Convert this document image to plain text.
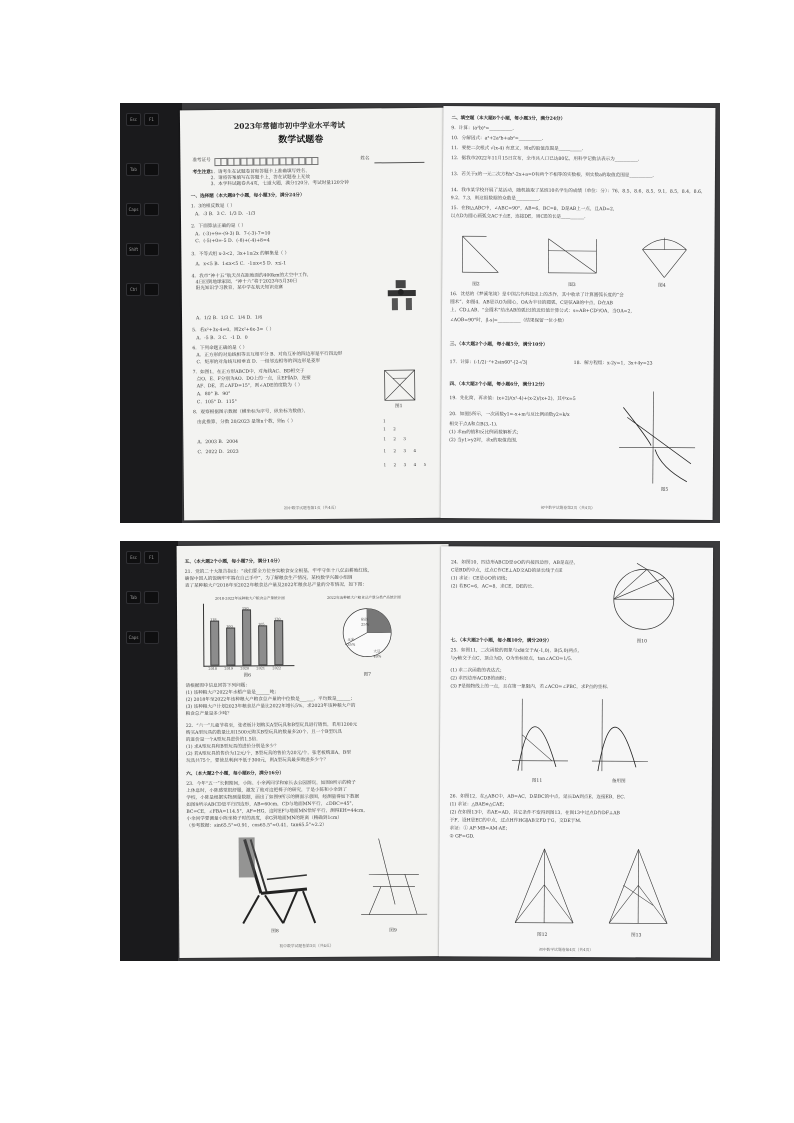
Esc	F1
Tab
Caps
Shift
Ctrl
2023年常德市初中学业水平考试
数学试题卷
准考证号	姓名
考生注意：
1．请考生在试题卷首和答题卡上准确填写姓名、
2．请将答案填写在答题卡上，答在试题卷上无效
3．本学科试题卷共4页，七道大题，满分120分，考试时量120分钟
一、选择题（本大题8个小题，每小题3分，满分24分）
1．3的相反数是（ ）
A．-3 B．3 C．1/3 D．-1/3
2．下面算法正确的是（ ）
A．(-3)+9=-(9-3) B．7-(-3)-7=10
C．(-5)+0=-5 D．(-8)+(-4)+8=4
3．不等式组 x-3<2，3x+1≥2x 的解集是（ ）
A．x<5 B．1≤x<5 C．-1≤x<5 D．x≤-1
4．我市“神十五”航天员在距地面约400km的太空中工作，
4日回到地球家园，“神十六”将于2023年5月30日
阳光知识学习教育，某中学在航天知识竞赛
A．1/2 B．1/3 C．1/4 D．1/6
5．若x²+3x-4=0，则2x²+6x-3=（ ）
A．-5 B．3 C．-1 D．0
6．下列命题正确的是（ ）
A．正方形的对角线相等且互相平分 B．对角互补的四边形是平行四边形
C．矩形的对角线互相垂直 D．一组邻边相等的四边形是菱形
7．如图1，在正方形ABCD中，对角线AC、BD相交于
点O，E、F分别为AO、DO上的一点，且EF∥AD，连接
AF、DE，若∠AFD=15°，则∠ADE的度数为（ ）
A．80° B．90°
C．105° D．115°
8．观察根据图示数据（横坐标为序号，纵坐标为数值），
由此推算，分数 20/2023 是第n个数，则n（ ）
A．2003 B．2004
C．2022 D．2023
图1
1
1 2
1 2 3
1 2 3 4
1 2 3 4 5
初中数学试题卷第1页（共4页）
二、填空题（本大题8个小题，每小题3分，满分24分）
9．计算：(a²b)³=__________.
10．分解因式：a³+2a²b+ab²=__________.
11．要使二次根式 √(x-4) 有意义，则x的取值范围是__________.
12．据我市2022年11月15日宣布，全市共人口已达80亿，用科学记数法表示为__________.
13．若关于x的一元二次方程x²-2x+a=0有两个不相等的实数根，则实数a的取值范围是__________.
14．我市某学校开展了某活动，随机抽取了某班10名学生的成绩（单位：分）：76，8.5，8.6，8.5，9.1，8.5，8.4，8.6，
9.2，7.3，则这组数据的众数是__________.
15．在Rt△ABC中，∠ABC=90°，AB=6，BC=8，D是AB上一点，且AD=2，
以点D为圆心画弧交AC于点E，连接DE，则CE的长是__________.
图2	图3	图4
16．沈括的《梦溪笔谈》是中国古代科技史上的杰作，其中收录了计算圆弧长度的“会
圆术”，如图4，AB是以O为圆心，OA为半径的圆弧，C是弦AB的中点，D在AB
上，CD⊥AB，“会圆术”给出AB的弧长l的近似值计算公式：s=AB+CD²/OA，当OA=2，
∠AOB=90°时，|l-s|=__________（结果保留一位小数）
三、（本大题2个小题，每小题5分，满分10分）
17．计算：(-1/2)⁻²+2sin60°-|2-√3|	18．解方程组：x-2y=1，3x+4y=23
四、（本大题2个小题，每小题6分，满分12分）
19．先化简，再求值：(x+2)/(x²-4)+(x-2)/(x+2)，其中x=5
20．如图5所示，一次函数y1=-x+m与反比例函数y2=k/x
相交于点A和点B(3,-1).
(1) 求m的值和反比例函数解析式；
(2) 当y1>y2时，求x的取值范围.
图5
初中数学试题卷第2页（共4页）
Esc	F1
Tab
Caps
五、（本大题2个小题，每小题7分，满分14分）
21．党的二十大报告指出：“我们要全方位夯实粮食安全根基，牢牢守住十八亿亩耕地红线，
确保中国人的饭碗牢牢端在自己手中”，为了解粮食生产情况，某校数学兴趣小组调
查了某种粮大户2018年至2022年粮食总产量及2022年粮食总产量的分布情况，如下图：
2018-2022年该种粮大户粮食总产量统计图
118
2018
100
2019
150
2020
105
2021
120
2022
图6
2022年该种粮大户粮食总产量分类产品统计图
稻谷
25%
玉米
35%
大豆
40%
图7
请根据图中信息回答下列问题：
(1) 该种粮大户2022年水稻产量是______吨；
(2) 2018年至2022年该种粮大户粮食总产量的中位数是______，平均数是______；
(3) 该种粮大户计划2023年粮食总产量比2022年增长5%，求2023年该种粮大户的
粮食总产量是多少吨？
22．“六一”儿童节将至，张老板计划购买A型玩具和B型玩具进行销售，若用1200元
购买A型玩具的数量比用1500元购买B型玩具的数量多20个，且一个B型玩具
的进价是一个A型玩具进价的1.5倍.
(1) 求A型玩具和B型玩具的进价分别是多少？
(2) 若A型玩具的售价为12元/个，B型玩具的售价为20元/个，张老板购进A，B型
玩具共75个，要使总利润不低于300元，则A型玩具最多购进多少个？
六、（本大题2个小题，每小题8分，满分16分）
23．今年“五一”长假期间，小陈、小余两同学和家长去公园游玩，如图8所示的椅子
上休息时，小陈感觉很舒服，激发了他对这把椅子的研究，于是小陈和小余到了
学校，小陈是根据实物测量数据，画出了如图9所示的侧面示意图，经测量得如下数据
如图9所示ABCD是平行四边形，AB=60cm，CD与地面MN平行，∠DBC=45°，
BC=CE，∠FBA=114.5°，AF=HG，这时EF与地面MN恰好平行，测得EH=44cm，
小余同学要测量小陈坐椅子时的高度，求G到地面MN的距离（精确到1cm）
（参考数据：sin65.5°≈0.91，cos65.5°≈0.41，tan65.5°≈2.2）
图8	图9
初中数学试题卷第3页（共4页）
24．如图10，四边形ABCD是⊙O的内接四边形，AB是直径，
C是BD的中点，过点C作CE⊥AD交AD的延长线于点E
(1) 求证：CE是⊙O的切线；
(2) 若BC=6，AC=8，求CE，DE的长.
图10
七、（本大题2个小题，每小题10分，满分20分）
25．如图11，二次函数的图象与x轴交于A(-1,0)，B(5,0)两点，
与y轴交于点C，顶点为D，O为坐标原点，tan∠ACO=1/5.
(1) 求二次函数的表达式；
(2) 求四边形ACDB的面积；
(3) P是抛物线上的一点，且在第一象限内，若∠ACO=∠PBC，求P点的坐标.
图11	备用图
26．如图12，在△ABC中，AB=AC，D是BC的中点，延长DA到点E，连接EB，EC.
(1) 求证：△BAE≌△CAE；
(2) 在如图13中，若AE=AD，其它条件不变得到图13，在图13中过点D作DF⊥AB
于F，设H是EC的中点，过点H作HG∥AB交FD于G，交DE于M.
求证：① AF·MB=AM·AE；
② GF=GD.
图12	图13
初中数学试题卷第4页（共4页）
